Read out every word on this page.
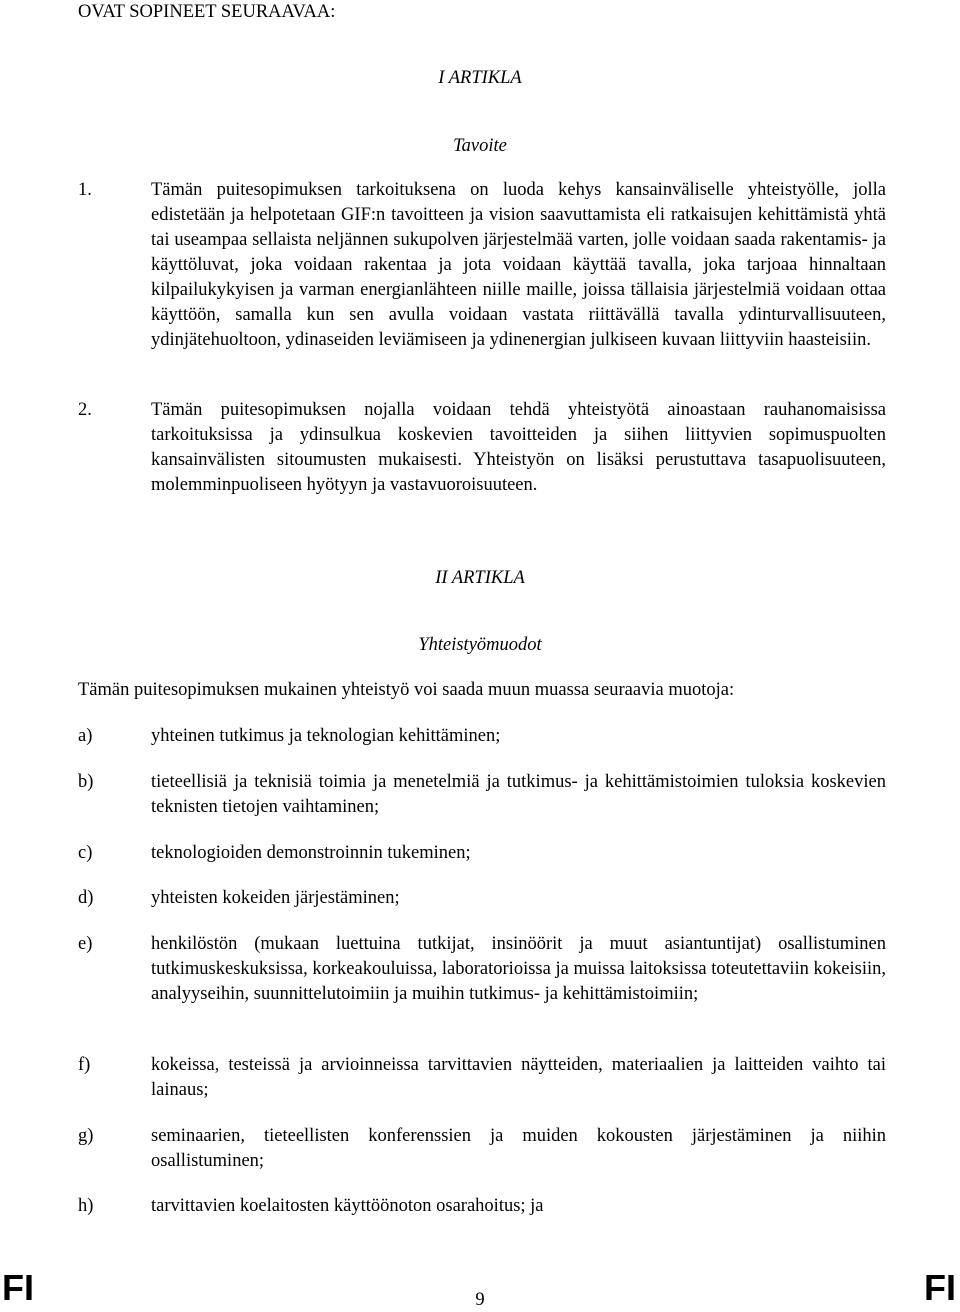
OVAT SOPINEET SEURAAVAA:

I ARTIKLA

Tavoite

1.	Tämän puitesopimuksen tarkoituksena on luoda kehys kansainväliselle yhteistyölle, jolla edistetään ja helpotetaan GIF:n tavoitteen ja vision saavuttamista eli ratkaisujen kehittämistä yhtä tai useampaa sellaista neljännen sukupolven järjestelmää varten, jolle voidaan saada rakentamis- ja käyttöluvat, joka voidaan rakentaa ja jota voidaan käyttää tavalla, joka tarjoaa hinnaltaan kilpailukykyisen ja varman energianlähteen niille maille, joissa tällaisia järjestelmiä voidaan ottaa käyttöön, samalla kun sen avulla voidaan vastata riittävällä tavalla ydinturvallisuuteen, ydinjätehuoltoon, ydinaseiden leviämiseen ja ydinenergian julkiseen kuvaan liittyviin haasteisiin.
2.	Tämän puitesopimuksen nojalla voidaan tehdä yhteistyötä ainoastaan rauhanomaisissa tarkoituksissa ja ydinsulkua koskevien tavoitteiden ja siihen liittyvien sopimuspuolten kansainvälisten sitoumusten mukaisesti. Yhteistyön on lisäksi perustuttava tasapuolisuuteen, molemminpuoliseen hyötyyn ja vastavuoroisuuteen.

II ARTIKLA

Yhteistyömuodot

Tämän puitesopimuksen mukainen yhteistyö voi saada muun muassa seuraavia muotoja:
a)	yhteinen tutkimus ja teknologian kehittäminen;
b)	tieteellisiä ja teknisiä toimia ja menetelmiä ja tutkimus- ja kehittämistoimien tuloksia koskevien teknisten tietojen vaihtaminen;
c)	teknologioiden demonstroinnin tukeminen;
d)	yhteisten kokeiden järjestäminen;
e)	henkilöstön (mukaan luettuina tutkijat, insinöörit ja muut asiantuntijat) osallistuminen tutkimuskeskuksissa, korkeakouluissa, laboratorioissa ja muissa laitoksissa toteutettaviin kokeisiin, analyyseihin, suunnittelutoimiin ja muihin tutkimus- ja kehittämistoimiin;
f)	kokeissa, testeissä ja arvioinneissa tarvittavien näytteiden, materiaalien ja laitteiden vaihto tai lainaus;
g)	seminaarien, tieteellisten konferenssien ja muiden kokousten järjestäminen ja niihin osallistuminen;
h)	tarvittavien koelaitosten käyttöönoton osarahoitus; ja
FI	9	FI
